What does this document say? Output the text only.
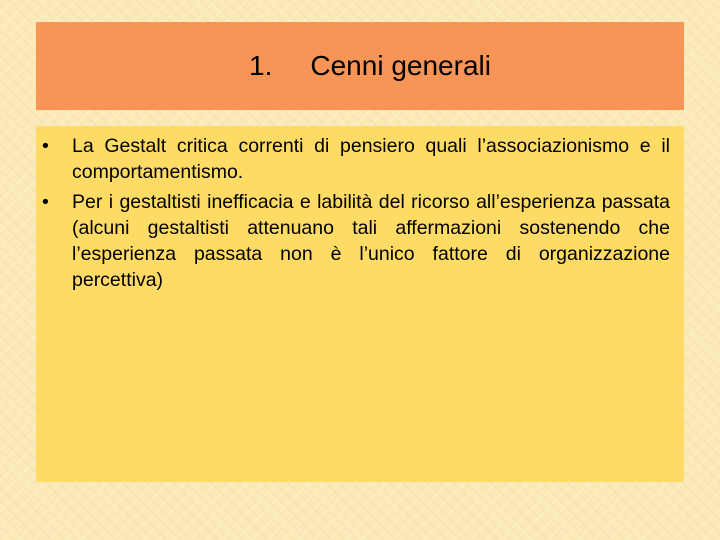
1. Cenni generali
• La Gestalt critica correnti di pensiero quali l’associazionismo e il comportamentismo.
• Per i gestaltisti inefficacia e labilità del ricorso all’esperienza passata (alcuni gestaltisti attenuano tali affermazioni sostenendo che l’esperienza passata non è l’unico fattore di organizzazione percettiva)
